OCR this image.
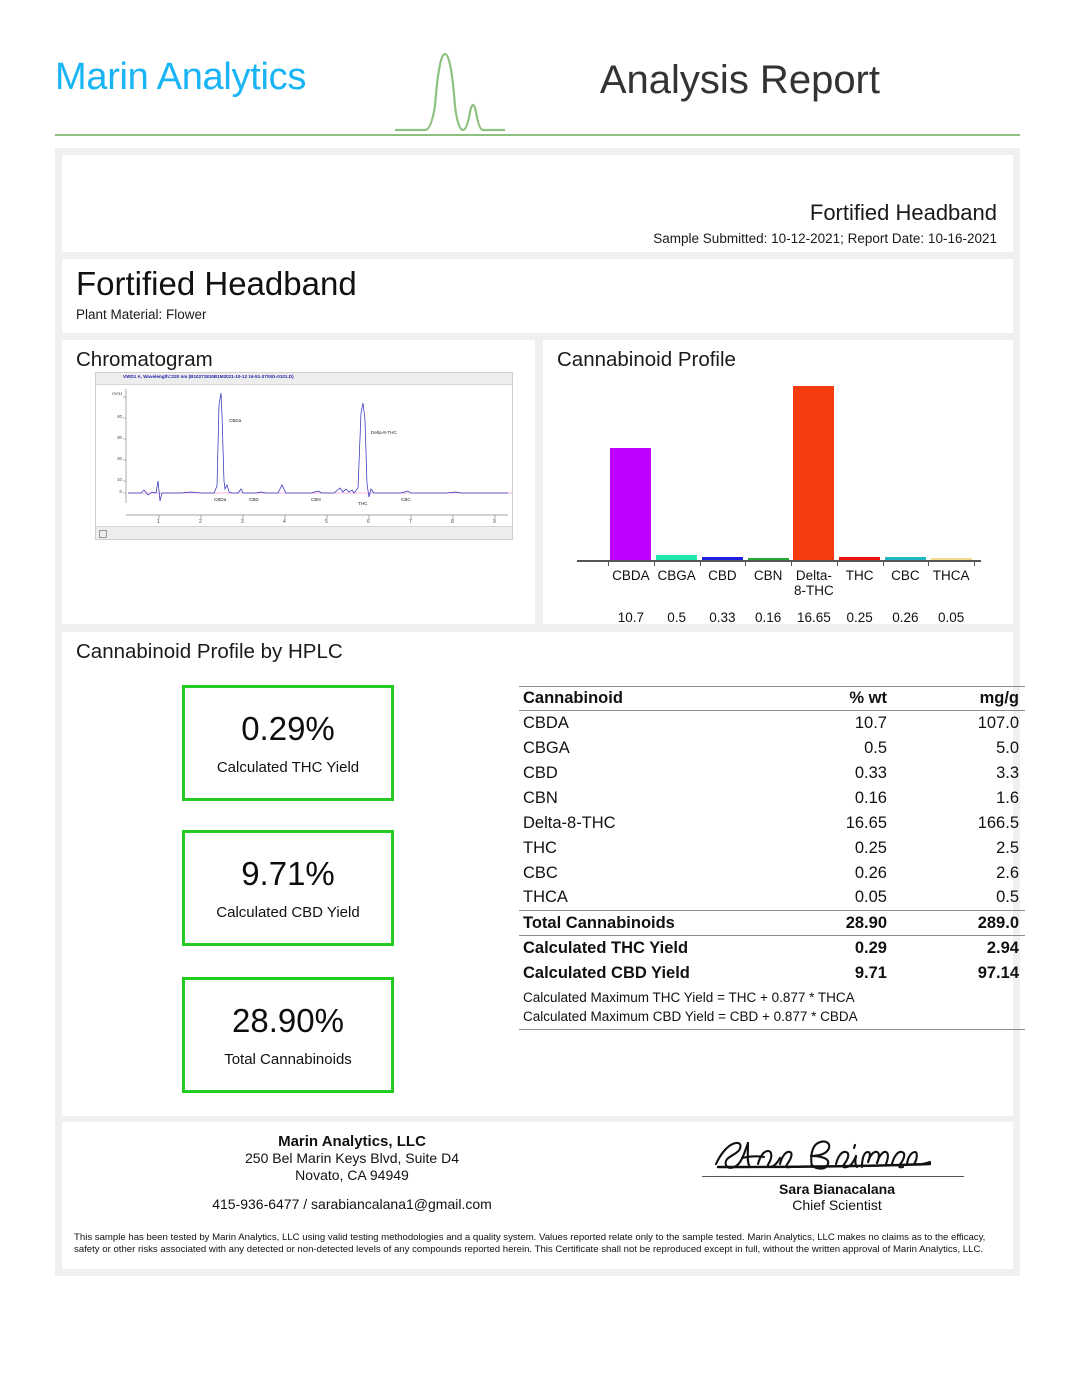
Marin Analytics	Analysis Report
Fortified Headband
Sample Submitted: 10-12-2021; Report Date: 10-16-2021
Fortified Headband
Plant Material: Flower
Chromatogram
VWD1 A, Wavelength=220 nm (B10271810B1M2021-10-12 16-51-37\001-0101.D)
mAU
40
30
20
10
0
1	2	3	4	5	6	7	8	9
CBDa
Delta-8-THC
CBDa	CBD	CBN
THC
CBC
Cannabinoid Profile
CBDA CBGA CBD	CBN Delta-
8-THC
THC	CBC THCA
10.7	0.5	0.33	0.16	16.65	0.25	0.26	0.05
Cannabinoid Profile by HPLC
0.29%
Calculated THC Yield
9.71%
Calculated CBD Yield
28.90%
Total Cannabinoids
Cannabinoid	% wt	mg/g
CBDA	10.7	107.0
CBGA	0.5	5.0
CBD	0.33	3.3
CBN	0.16	1.6
Delta-8-THC	16.65	166.5
THC	0.25	2.5
CBC	0.26	2.6
THCA	0.05	0.5
Total Cannabinoids	28.90	289.0
Calculated THC Yield	0.29	2.94
Calculated CBD Yield	9.71	97.14
Calculated Maximum THC Yield = THC + 0.877 * THCA		
Calculated Maximum CBD Yield = CBD + 0.877 * CBDA		
Marin Analytics, LLC
250 Bel Marin Keys Blvd, Suite D4
Novato, CA 94949
415-936-6477 / sarabiancalana1@gmail.com
Sara Bianacalana
Chief Scientist
This sample has been tested by Marin Analytics, LLC using valid testing methodologies and a quality system. Values reported relate only to the sample tested. Marin Analytics, LLC makes no claims as to the efficacy, safety or other risks associated with any detected or non-detected levels of any compounds reported herein. This Certificate shall not be reproduced except in full, without the written approval of Marin Analytics, LLC.
